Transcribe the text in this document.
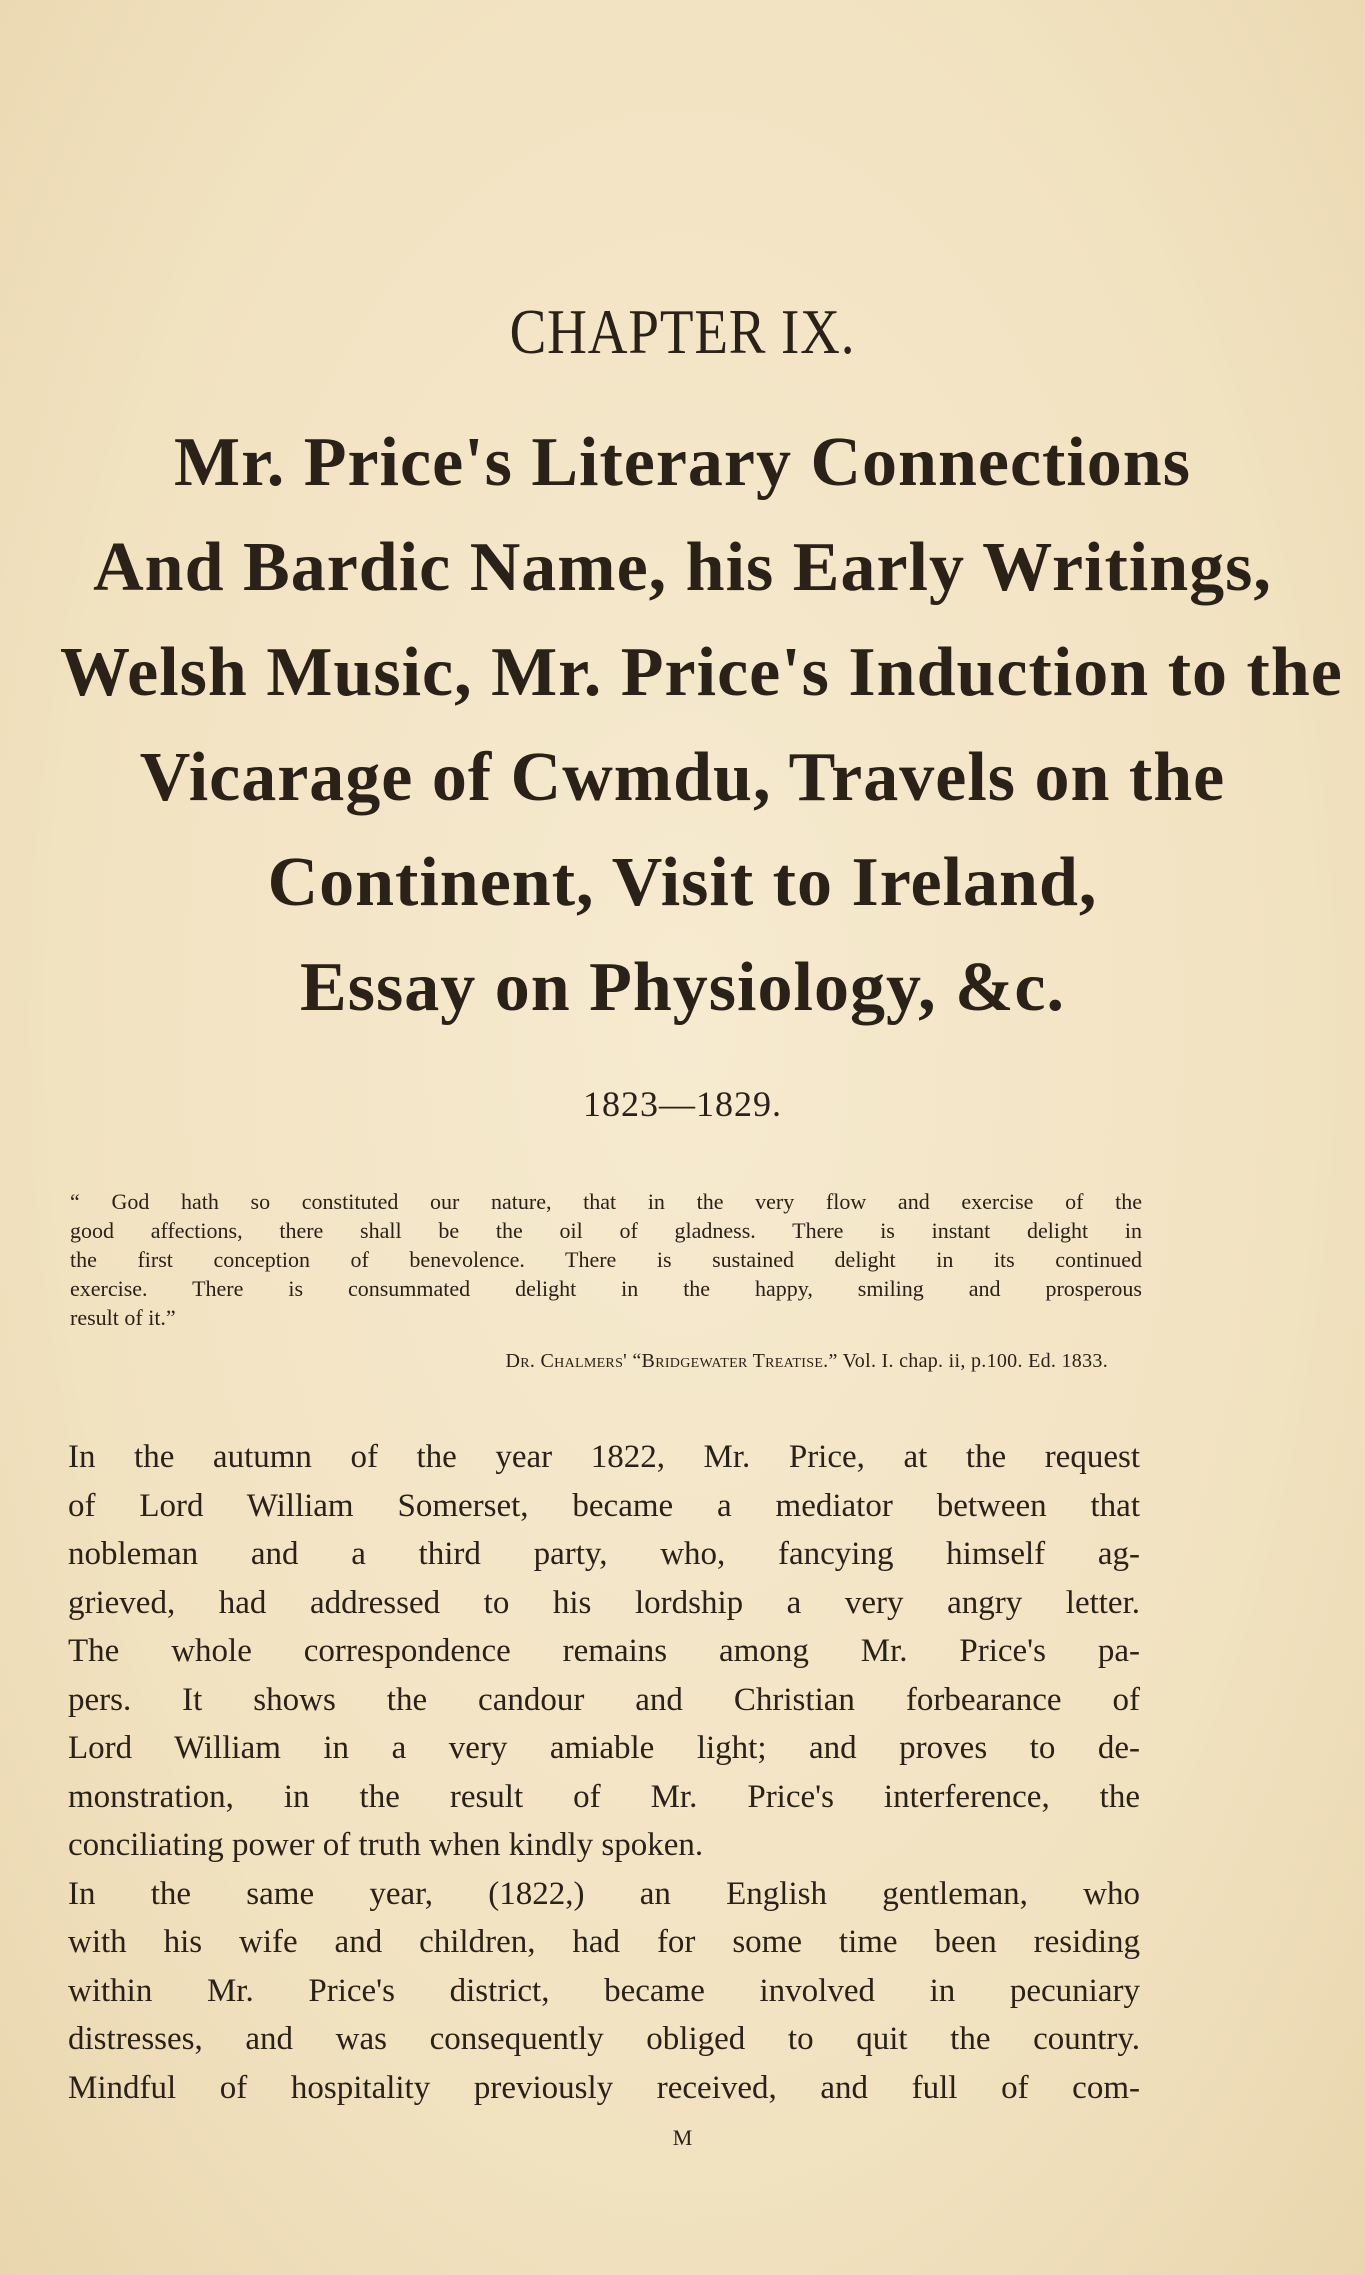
CHAPTER IX.
Mr. Price's Literary Connections
And Bardic Name, his Early Writings,
Welsh Music, Mr. Price's Induction to the
Vicarage of Cwmdu, Travels on the
Continent, Visit to Ireland,
Essay on Physiology, &c.
1823—1829.
“ God hath so constituted our nature, that in the very flow and exercise of the
good affections, there shall be the oil of gladness. There is instant delight in
the first conception of benevolence. There is sustained delight in its continued
exercise. There is consummated delight in the happy, smiling and prosperous
result of it.”
Dr. Chalmers' “Bridgewater Treatise.” Vol. I. chap. ii, p.100. Ed. 1833.
In the autumn of the year 1822, Mr. Price, at the request
of Lord William Somerset, became a mediator between that
nobleman and a third party, who, fancying himself ag-
grieved, had addressed to his lordship a very angry letter.
The whole correspondence remains among Mr. Price's pa-
pers. It shows the candour and Christian forbearance of
Lord William in a very amiable light; and proves to de-
monstration, in the result of Mr. Price's interference, the
conciliating power of truth when kindly spoken.
In the same year, (1822,) an English gentleman, who
with his wife and children, had for some time been residing
within Mr. Price's district, became involved in pecuniary
distresses, and was consequently obliged to quit the country.
Mindful of hospitality previously received, and full of com-
M
